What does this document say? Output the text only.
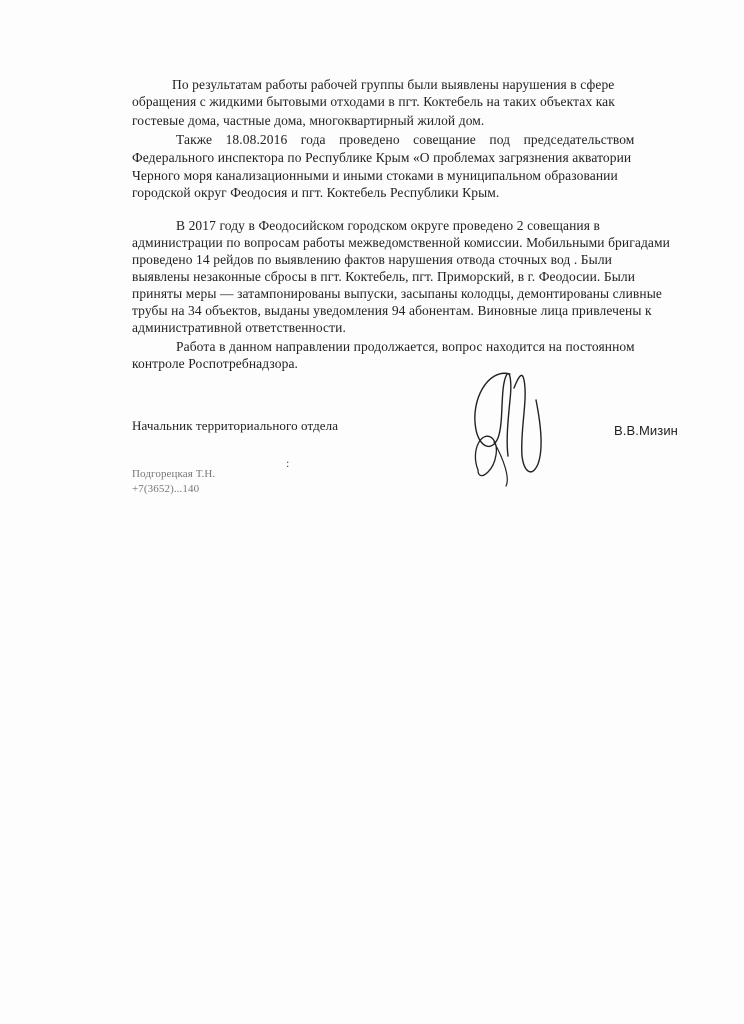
По результатам работы рабочей группы были выявлены нарушения в сфере
обращения с жидкими бытовыми отходами в пгт. Коктебель на таких объектах как
гостевые дома, частные дома, многоквартирный жилой дом.
Также 18.08.2016 года проведено совещание под председательством
Федерального инспектора по Республике Крым «О проблемах загрязнения акватории
Черного моря канализационными и иными стоками в муниципальном образовании
городской округ Феодосия и пгт. Коктебель Республики Крым.
В 2017 году в Феодосийском городском округе проведено 2 совещания в
администрации по вопросам работы межведомственной комиссии. Мобильными бригадами
проведено 14 рейдов по выявлению фактов нарушения отвода сточных вод . Были
выявлены незаконные сбросы в пгт. Коктебель, пгт. Приморский, в г. Феодосии. Были
приняты меры — затампонированы выпуски, засыпаны колодцы, демонтированы сливные
трубы на 34 объектов, выданы уведомления 94 абонентам. Виновные лица привлечены к
административной ответственности.
Работа в данном направлении продолжается, вопрос находится на постоянном
контроле Роспотребнадзора.
Начальник территориального отдела	В.В.Мизин
Подгорецкая Т.Н.
+7(3652)...140
:
